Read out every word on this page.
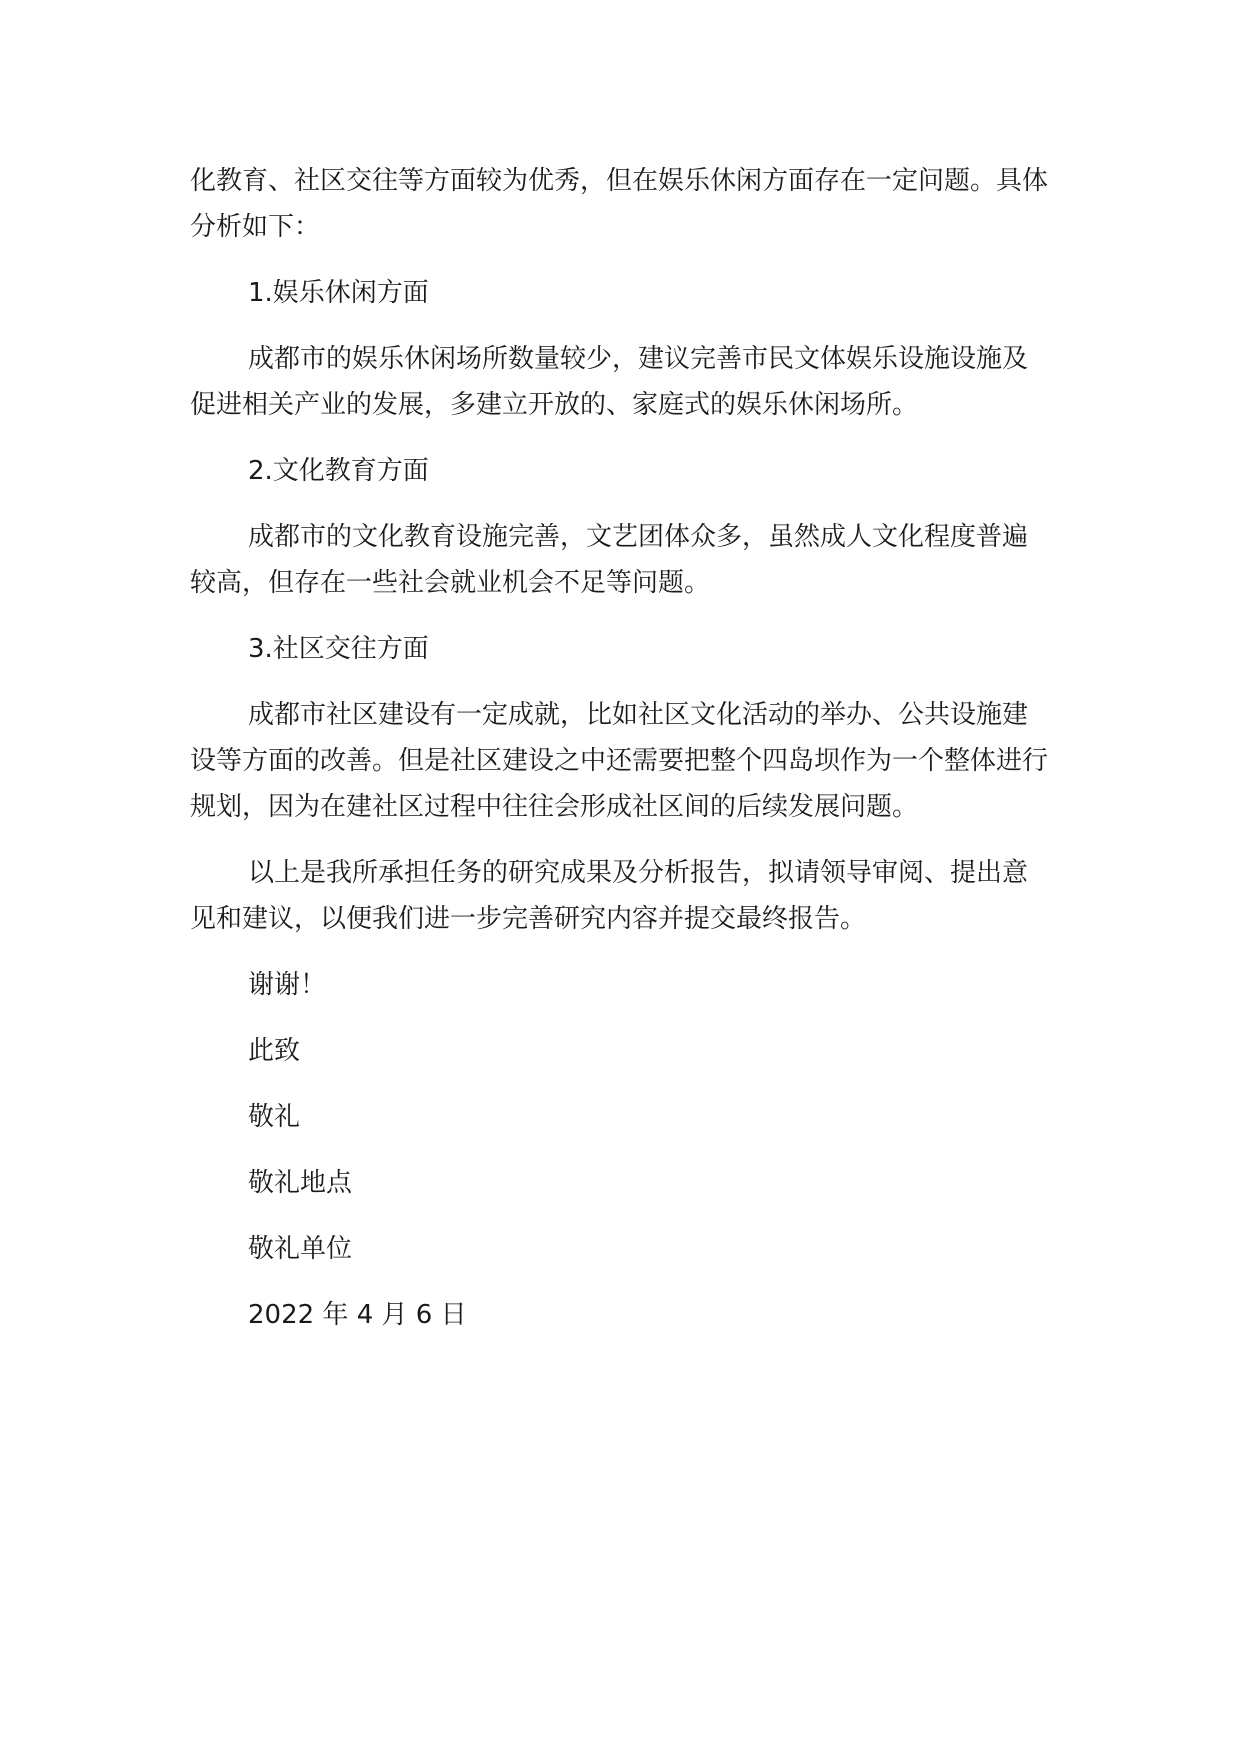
化教育、社区交往等方面较为优秀，但在娱乐休闲方面存在一定问题。具体分析如下：

1.娱乐休闲方面

成都市的娱乐休闲场所数量较少，建议完善市民文体娱乐设施设施及促进相关产业的发展，多建立开放的、家庭式的娱乐休闲场所。

2.文化教育方面

成都市的文化教育设施完善，文艺团体众多，虽然成人文化程度普遍较高，但存在一些社会就业机会不足等问题。

3.社区交往方面

成都市社区建设有一定成就，比如社区文化活动的举办、公共设施建设等方面的改善。但是社区建设之中还需要把整个四岛坝作为一个整体进行规划，因为在建社区过程中往往会形成社区间的后续发展问题。

以上是我所承担任务的研究成果及分析报告，拟请领导审阅、提出意见和建议，以便我们进一步完善研究内容并提交最终报告。

谢谢！

此致

敬礼

敬礼地点

敬礼单位

2022 年 4 月 6 日
